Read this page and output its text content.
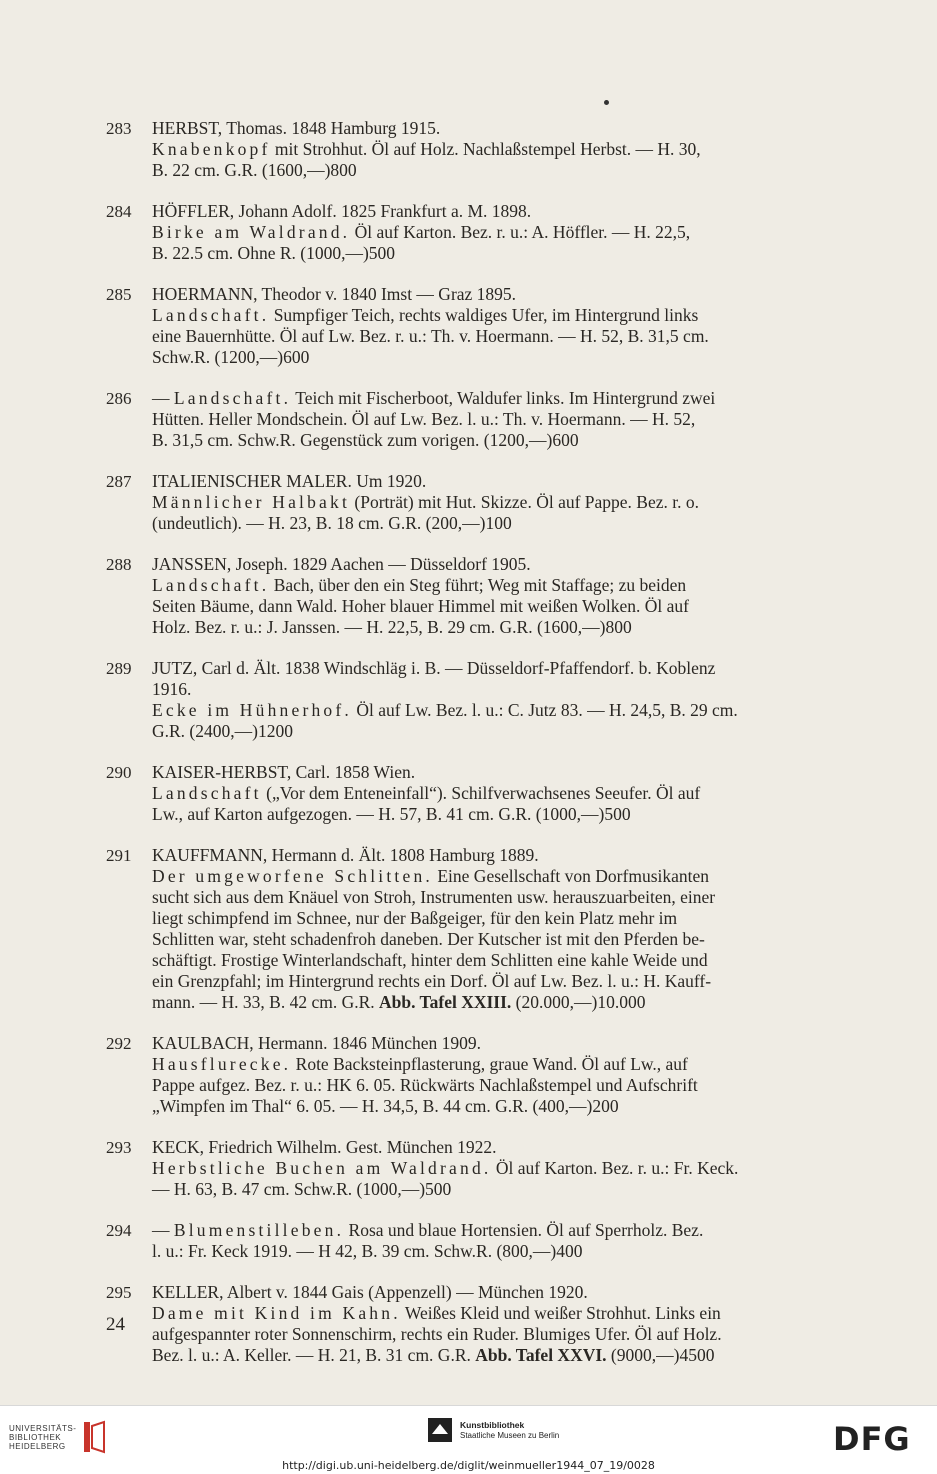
283	HERBST, Thomas. 1848 Hamburg 1915.
Knabenkopf mit Strohhut. Öl auf Holz. Nachlaßstempel Herbst. — H. 30,
B. 22 cm. G.R. (1600,—)800
284	HÖFFLER, Johann Adolf. 1825 Frankfurt a. M. 1898.
Birke am Waldrand. Öl auf Karton. Bez. r. u.: A. Höffler. — H. 22,5,
B. 22.5 cm. Ohne R. (1000,—)500
285	HOERMANN, Theodor v. 1840 Imst — Graz 1895.
Landschaft. Sumpfiger Teich, rechts waldiges Ufer, im Hintergrund links
eine Bauernhütte. Öl auf Lw. Bez. r. u.: Th. v. Hoermann. — H. 52, B. 31,5 cm.
Schw.R. (1200,—)600
286	— Landschaft. Teich mit Fischerboot, Waldufer links. Im Hintergrund zwei
Hütten. Heller Mondschein. Öl auf Lw. Bez. l. u.: Th. v. Hoermann. — H. 52,
B. 31,5 cm. Schw.R. Gegenstück zum vorigen. (1200,—)600
287	ITALIENISCHER MALER. Um 1920.
Männlicher Halbakt (Porträt) mit Hut. Skizze. Öl auf Pappe. Bez. r. o.
(undeutlich). — H. 23, B. 18 cm. G.R. (200,—)100
288	JANSSEN, Joseph. 1829 Aachen — Düsseldorf 1905.
Landschaft. Bach, über den ein Steg führt; Weg mit Staffage; zu beiden
Seiten Bäume, dann Wald. Hoher blauer Himmel mit weißen Wolken. Öl auf
Holz. Bez. r. u.: J. Janssen. — H. 22,5, B. 29 cm. G.R. (1600,—)800
289	JUTZ, Carl d. Ält. 1838 Windschläg i. B. — Düsseldorf-Pfaffendorf. b. Koblenz
1916.
Ecke im Hühnerhof. Öl auf Lw. Bez. l. u.: C. Jutz 83. — H. 24,5, B. 29 cm.
G.R. (2400,—)1200
290	KAISER-HERBST, Carl. 1858 Wien.
Landschaft („Vor dem Enteneinfall“). Schilfverwachsenes Seeufer. Öl auf
Lw., auf Karton aufgezogen. — H. 57, B. 41 cm. G.R. (1000,—)500
291	KAUFFMANN, Hermann d. Ält. 1808 Hamburg 1889.
Der umgeworfene Schlitten. Eine Gesellschaft von Dorfmusikanten
sucht sich aus dem Knäuel von Stroh, Instrumenten usw. herauszuarbeiten, einer
liegt schimpfend im Schnee, nur der Baßgeiger, für den kein Platz mehr im
Schlitten war, steht schadenfroh daneben. Der Kutscher ist mit den Pferden be-
schäftigt. Frostige Winterlandschaft, hinter dem Schlitten eine kahle Weide und
ein Grenzpfahl; im Hintergrund rechts ein Dorf. Öl auf Lw. Bez. l. u.: H. Kauff-
mann. — H. 33, B. 42 cm. G.R. Abb. Tafel XXIII. (20.000,—)10.000
292	KAULBACH, Hermann. 1846 München 1909.
Hausflurecke. Rote Backsteinpflasterung, graue Wand. Öl auf Lw., auf
Pappe aufgez. Bez. r. u.: HK 6. 05. Rückwärts Nachlaßstempel und Aufschrift
„Wimpfen im Thal“ 6. 05. — H. 34,5, B. 44 cm. G.R. (400,—)200
293	KECK, Friedrich Wilhelm. Gest. München 1922.
Herbstliche Buchen am Waldrand. Öl auf Karton. Bez. r. u.: Fr. Keck.
— H. 63, B. 47 cm. Schw.R. (1000,—)500
294	— Blumenstilleben. Rosa und blaue Hortensien. Öl auf Sperrholz. Bez.
l. u.: Fr. Keck 1919. — H 42, B. 39 cm. Schw.R. (800,—)400
295	KELLER, Albert v. 1844 Gais (Appenzell) — München 1920.
Dame mit Kind im Kahn. Weißes Kleid und weißer Strohhut. Links ein
aufgespannter roter Sonnenschirm, rechts ein Ruder. Blumiges Ufer. Öl auf Holz.
Bez. l. u.: A. Keller. — H. 21, B. 31 cm. G.R. Abb. Tafel XXVI. (9000,—)4500
24
UNIVERSITÄTS-
BIBLIOTHEK
HEIDELBERG
Kunstbibliothek
Staatliche Museen zu Berlin	DFG
http://digi.ub.uni-heidelberg.de/diglit/weinmueller1944_07_19/0028
